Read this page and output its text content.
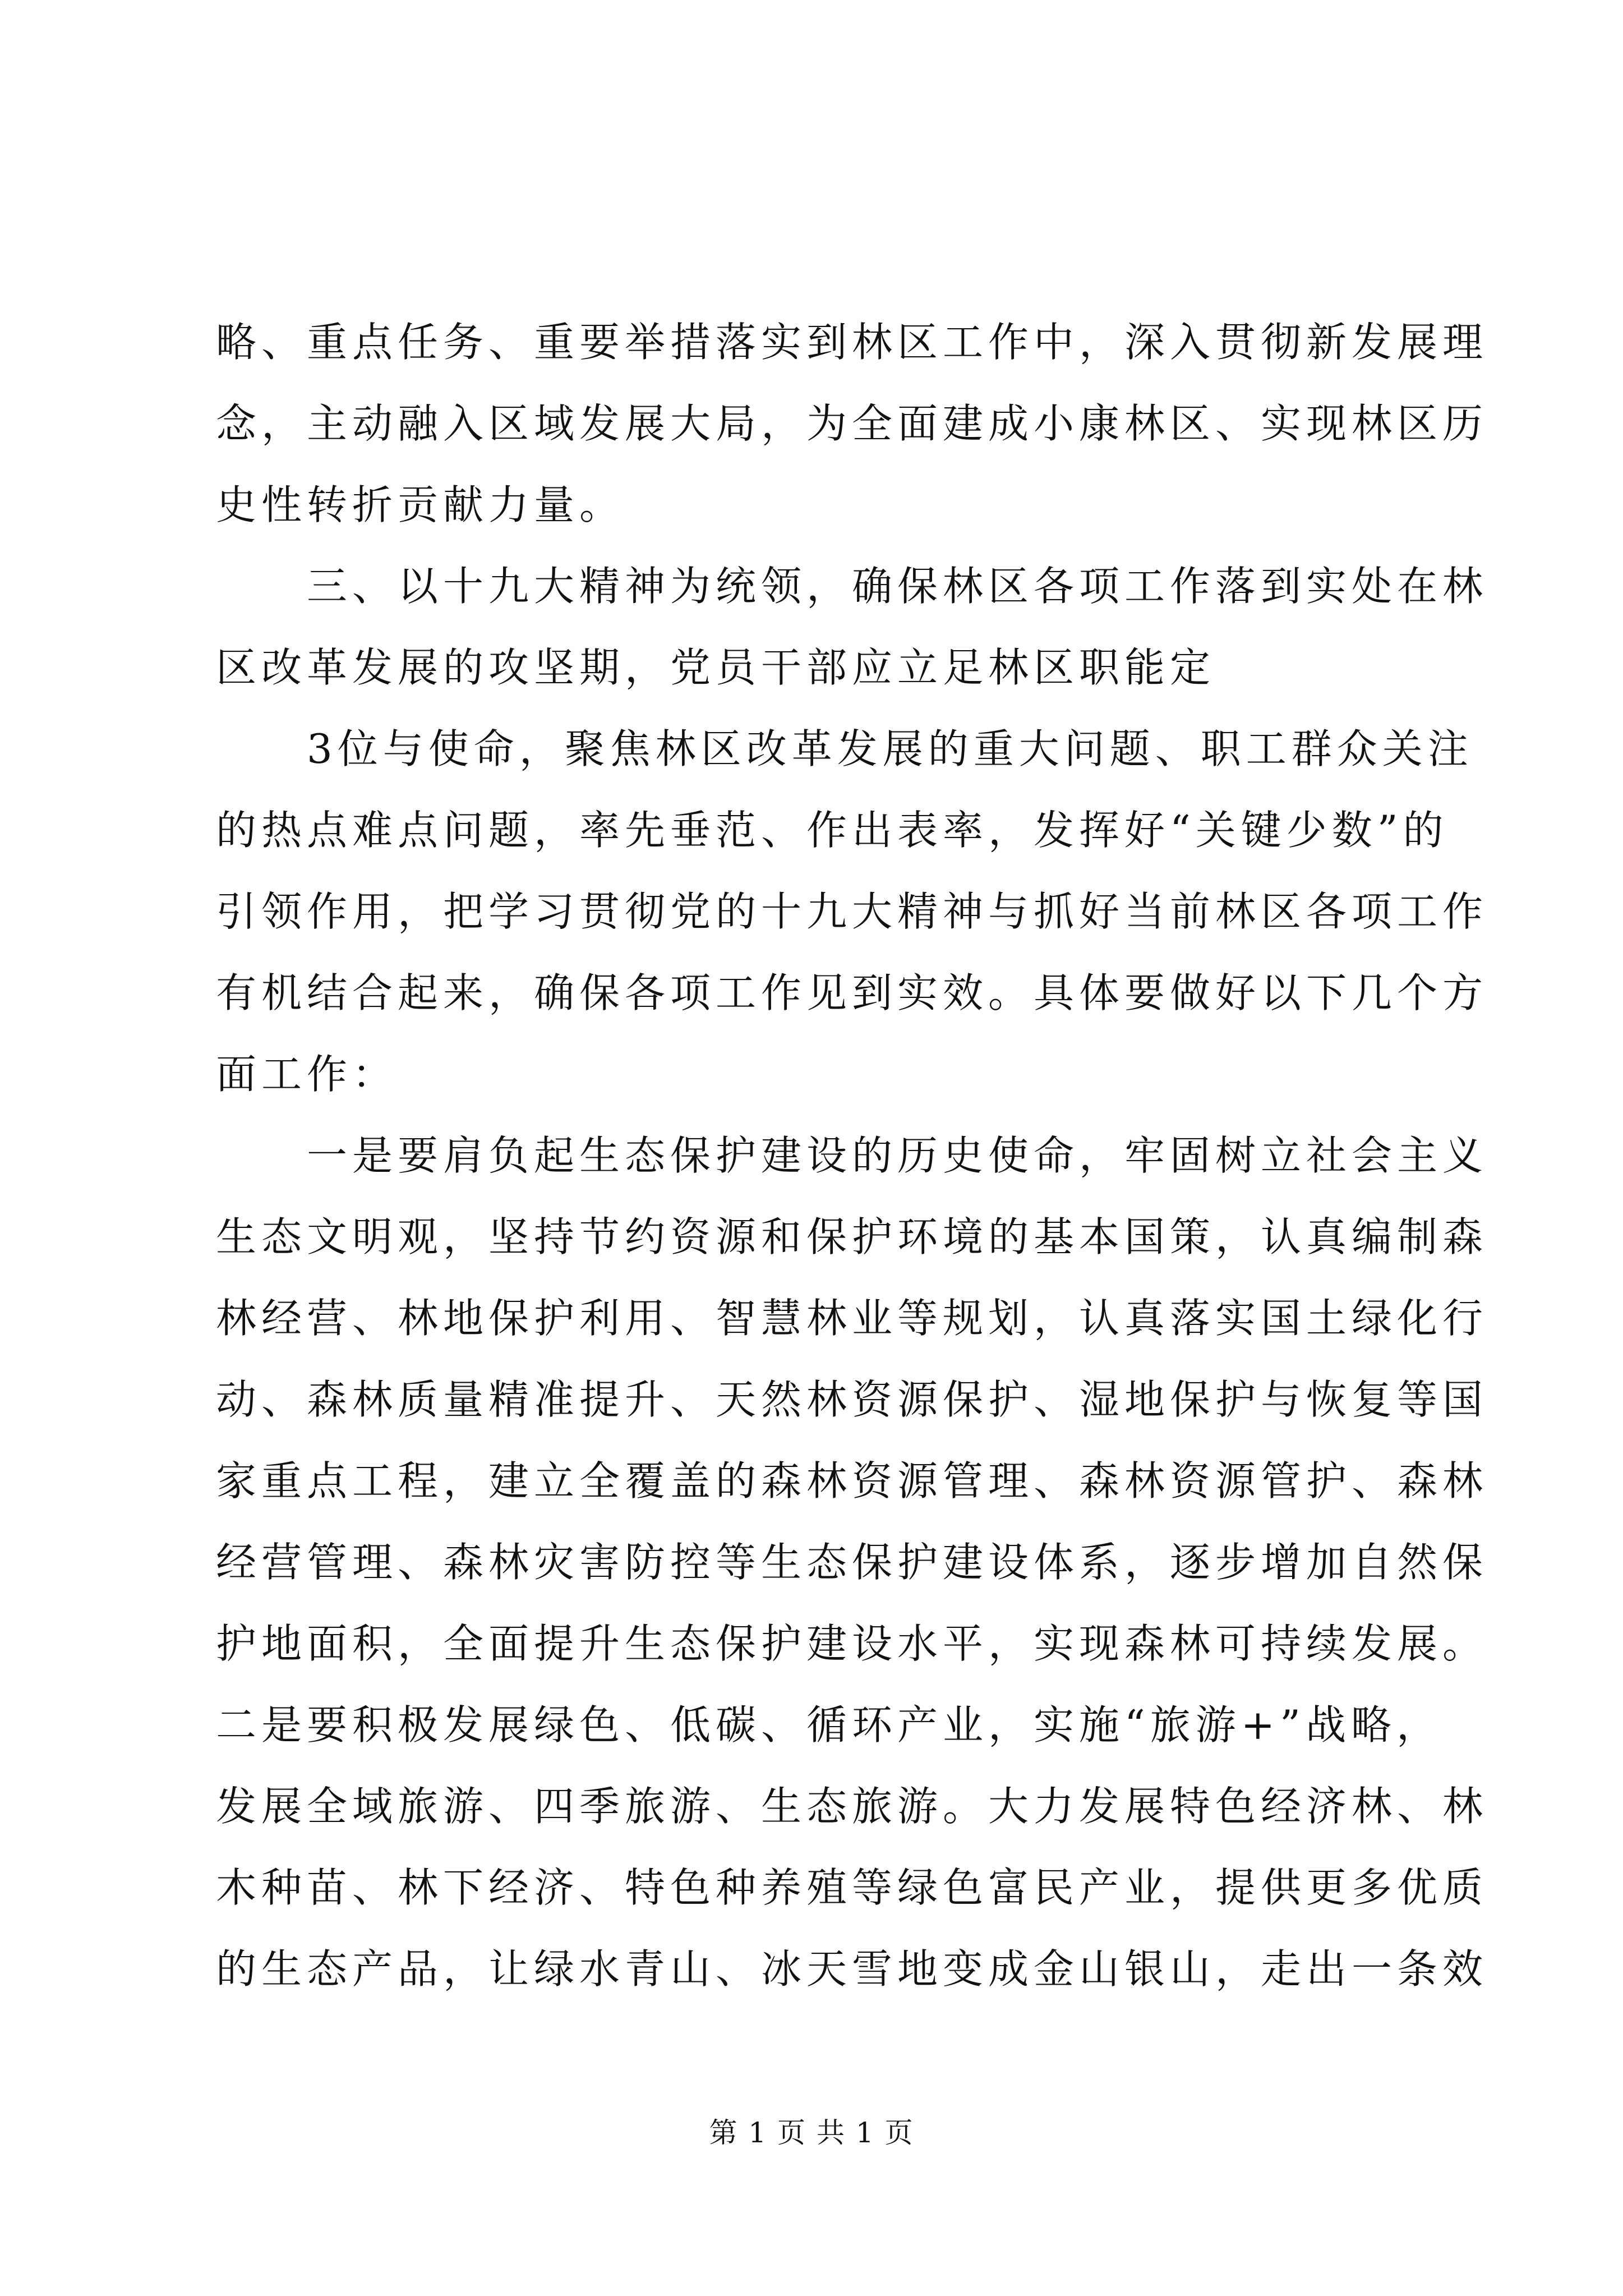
略、重点任务、重要举措落实到林区工作中，深入贯彻新发展理
念，主动融入区域发展大局，为全面建成小康林区、实现林区历
史性转折贡献力量。
　　三、以十九大精神为统领，确保林区各项工作落到实处在林
区改革发展的攻坚期，党员干部应立足林区职能定
　　3位与使命，聚焦林区改革发展的重大问题、职工群众关注
的热点难点问题，率先垂范、作出表率，发挥好“关键少数”的
引领作用，把学习贯彻党的十九大精神与抓好当前林区各项工作
有机结合起来，确保各项工作见到实效。具体要做好以下几个方
面工作：
　　一是要肩负起生态保护建设的历史使命，牢固树立社会主义
生态文明观，坚持节约资源和保护环境的基本国策，认真编制森
林经营、林地保护利用、智慧林业等规划，认真落实国土绿化行
动、森林质量精准提升、天然林资源保护、湿地保护与恢复等国
家重点工程，建立全覆盖的森林资源管理、森林资源管护、森林
经营管理、森林灾害防控等生态保护建设体系，逐步增加自然保
护地面积，全面提升生态保护建设水平，实现森林可持续发展。
二是要积极发展绿色、低碳、循环产业，实施“旅游+”战略，
发展全域旅游、四季旅游、生态旅游。大力发展特色经济林、林
木种苗、林下经济、特色种养殖等绿色富民产业，提供更多优质
的生态产品，让绿水青山、冰天雪地变成金山银山，走出一条效
第 1 页 共 1 页
